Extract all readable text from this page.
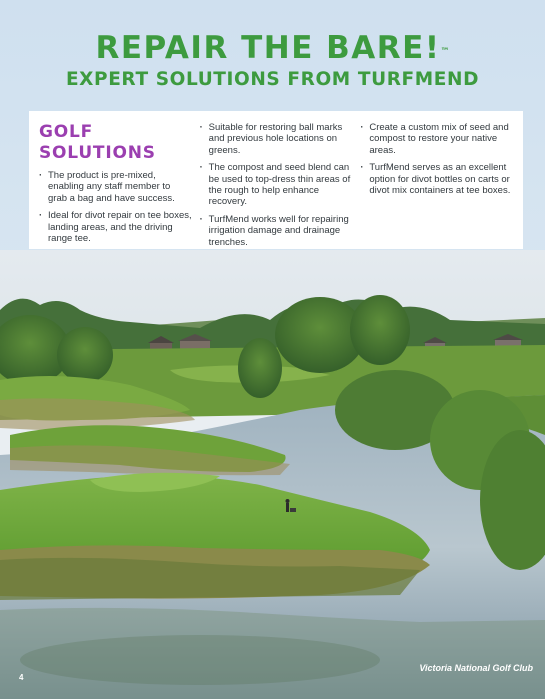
REPAIR THE BARE!™
EXPERT SOLUTIONS FROM TURFMEND
GOLF SOLUTIONS
· The product is pre-mixed, enabling any staff member to grab a bag and have success.
· Ideal for divot repair on tee boxes, landing areas, and the driving range tee.
· Suitable for restoring ball marks and previous hole locations on greens.
· The compost and seed blend can be used to top-dress thin areas of the rough to help enhance recovery.
· TurfMend works well for repairing irrigation damage and drainage trenches.
· Create a custom mix of seed and compost to restore your native areas.
· TurfMend serves as an excellent option for divot bottles on carts or divot mix containers at tee boxes.
4
Victoria National Golf Club
